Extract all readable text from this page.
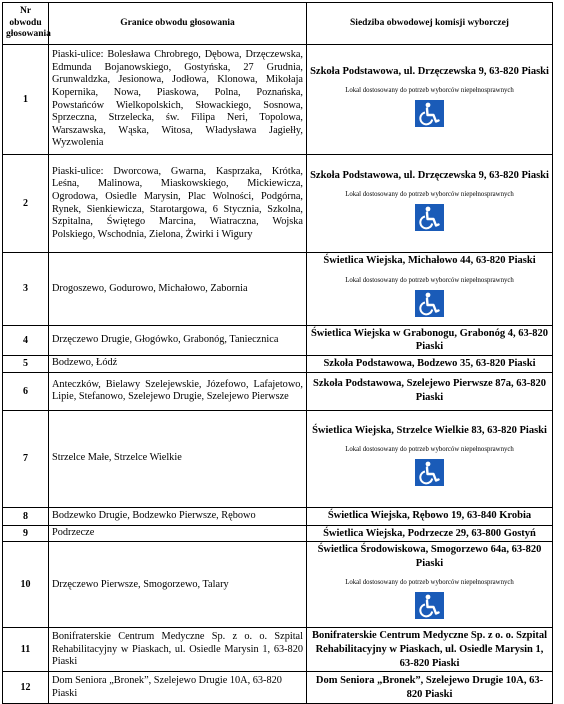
Nr obwodu głosowania	Granice obwodu głosowania	Siedziba obwodowej komisji wyborczej
1	Piaski-ulice: Bolesława Chrobrego, Dębowa, Drzęczewska, Edmunda Bojanowskiego, Gostyńska, 27 Grudnia, Grunwaldzka, Jesionowa, Jodłowa, Klonowa, Mikołaja Kopernika, Nowa, Piaskowa, Polna, Poznańska, Powstańców Wielkopolskich, Słowackiego, Sosnowa, Sprzeczna, Strzelecka, św. Filipa Neri, Topolowa, Warszawska, Wąska, Witosa, Władysława Jagiełły, Wyzwolenia	Szkoła Podstawowa, ul. Drzęczewska 9, 63-820 Piaski
Lokal dostosowany do potrzeb wyborców niepełnosprawnych

2	Piaski-ulice: Dworcowa, Gwarna, Kasprzaka, Krótka, Leśna, Malinowa, Miaskowskiego, Mickiewicza, Ogrodowa, Osiedle Marysin, Plac Wolności, Podgórna, Rynek, Sienkiewicza, Starotargowa, 6 Stycznia, Szkolna, Szpitalna, Świętego Marcina, Wiatraczna, Wojska Polskiego, Wschodnia, Zielona, Żwirki i Wigury	Szkoła Podstawowa, ul. Drzęczewska 9, 63-820 Piaski
Lokal dostosowany do potrzeb wyborców niepełnosprawnych

3	Drogoszewo, Godurowo, Michałowo, Zabornia	Świetlica Wiejska, Michałowo 44, 63-820 Piaski
Lokal dostosowany do potrzeb wyborców niepełnosprawnych

4	Drzęczewo Drugie, Głogówko, Grabonóg, Taniecznica	Świetlica Wiejska w Grabonogu, Grabonóg 4, 63-820 Piaski

5	Bodzewo, Łódź	Szkoła Podstawowa, Bodzewo 35, 63-820 Piaski

6	Anteczków, Bielawy Szelejewskie, Józefowo, Lafajetowo, Lipie, Stefanowo, Szelejewo Drugie, Szelejewo Pierwsze	Szkoła Podstawowa, Szelejewo Pierwsze 87a, 63-820 Piaski

7	Strzelce Małe, Strzelce Wielkie	Świetlica Wiejska, Strzelce Wielkie 83, 63-820 Piaski
Lokal dostosowany do potrzeb wyborców niepełnosprawnych

8	Bodzewko Drugie, Bodzewko Pierwsze, Rębowo	Świetlica Wiejska, Rębowo 19, 63-840 Krobia

9	Podrzecze	Świetlica Wiejska, Podrzecze 29, 63-800 Gostyń

10	Drzęczewo Pierwsze, Smogorzewo, Talary	Świetlica Środowiskowa, Smogorzewo 64a, 63-820 Piaski
Lokal dostosowany do potrzeb wyborców niepełnosprawnych

11	Bonifraterskie Centrum Medyczne Sp. z o. o. Szpital Rehabilitacyjny w Piaskach, ul. Osiedle Marysin 1, 63-820 Piaski	Bonifraterskie Centrum Medyczne Sp. z o. o. Szpital Rehabilitacyjny w Piaskach, ul. Osiedle Marysin 1, 63-820 Piaski

12	Dom Seniora „Bronek”, Szelejewo Drugie 10A, 63-820 Piaski	Dom Seniora „Bronek”, Szelejewo Drugie 10A, 63-820 Piaski
